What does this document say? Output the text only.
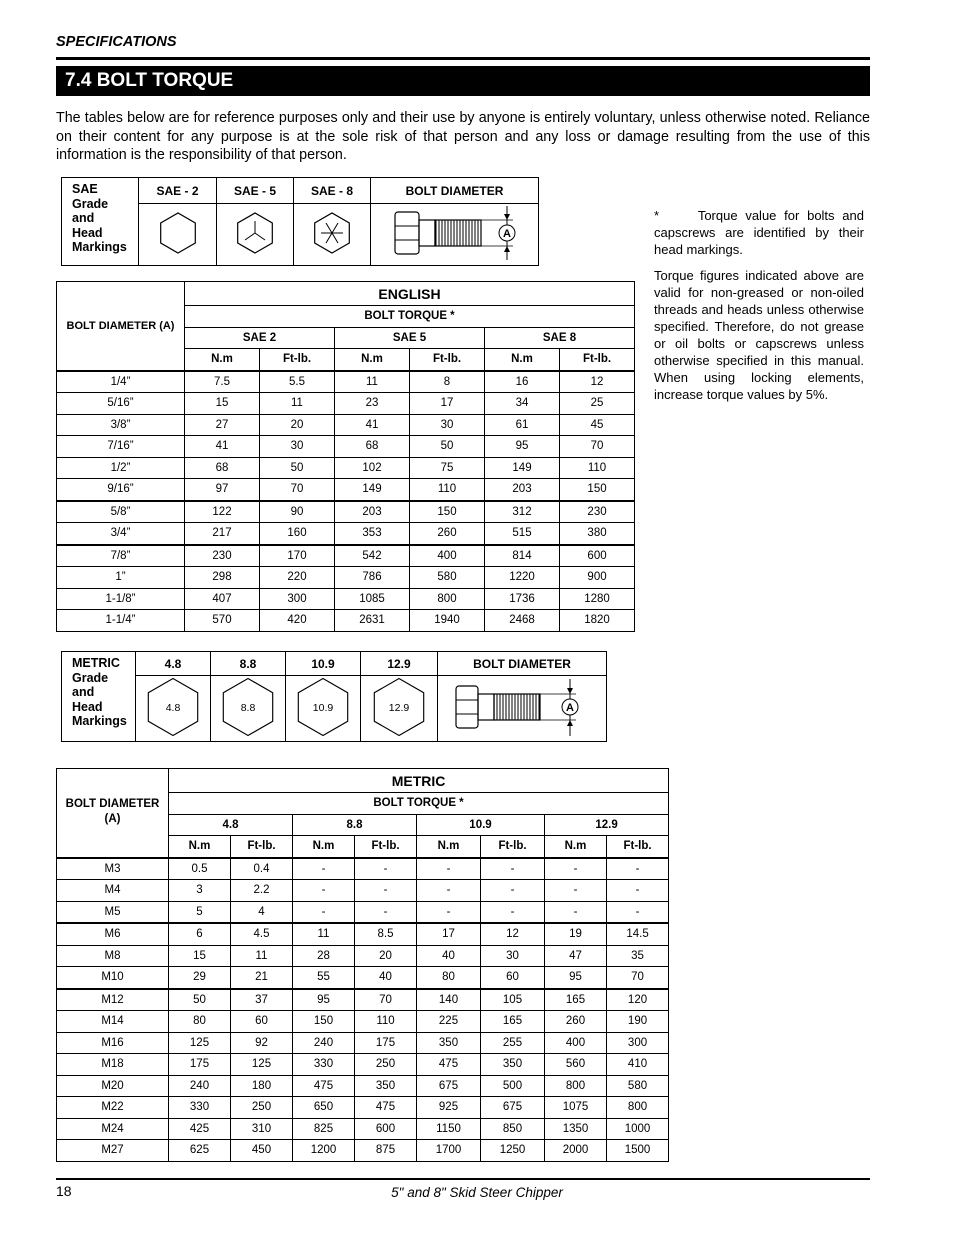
SPECIFICATIONS
7.4 BOLT TORQUE
The tables below are for reference purposes only and their use by anyone is entirely voluntary, unless otherwise noted. Reliance on their content for any purpose is at the sole risk of that person and any loss or damage resulting from the use of this information is the responsibility of that person.
SAE
Grade
and
Head
Markings	SAE - 2	SAE - 5	SAE - 8	BOLT DIAMETER

A

*	Torque value for bolts and capscrews are identified by their head markings.

Torque figures indicated above are valid for non-greased or non-oiled threads and heads unless otherwise specified. Therefore, do not grease or oil bolts or capscrews unless otherwise specified in this manual. When using locking elements, increase torque values by 5%.

BOLT DIAMETER (A)	ENGLISH					
	BOLT TORQUE *					
	SAE 2		SAE 5		SAE 8	
	N.m	Ft-lb.	N.m	Ft-lb.	N.m	Ft-lb.
1/4”	7.5	5.5	11	8	16	12
5/16”	15	11	23	17	34	25
3/8”	27	20	41	30	61	45
7/16”	41	30	68	50	95	70
1/2”	68	50	102	75	149	110
9/16”	97	70	149	110	203	150
5/8”	122	90	203	150	312	230
3/4”	217	160	353	260	515	380
7/8”	230	170	542	400	814	600
1”	298	220	786	580	1220	900
1-1/8”	407	300	1085	800	1736	1280
1-1/4”	570	420	2631	1940	2468	1820
METRIC
Grade
and
Head
Markings	4.8	8.8	10.9	12.9	BOLT DIAMETER

4.8	8.8	10.9	12.9	A
BOLT DIAMETER (A)	METRIC							
	BOLT TORQUE *							
	4.8		8.8		10.9		12.9	
	N.m	Ft-lb.	N.m	Ft-lb.	N.m	Ft-lb.	N.m	Ft-lb.
M3	0.5	0.4	-	-	-	-	-	-
M4	3	2.2	-	-	-	-	-	-
M5	5	4	-	-	-	-	-	-
M6	6	4.5	11	8.5	17	12	19	14.5
M8	15	11	28	20	40	30	47	35
M10	29	21	55	40	80	60	95	70
M12	50	37	95	70	140	105	165	120
M14	80	60	150	110	225	165	260	190
M16	125	92	240	175	350	255	400	300
M18	175	125	330	250	475	350	560	410
M20	240	180	475	350	675	500	800	580
M22	330	250	650	475	925	675	1075	800
M24	425	310	825	600	1150	850	1350	1000
M27	625	450	1200	875	1700	1250	2000	1500
18	5" and 8" Skid Steer Chipper
